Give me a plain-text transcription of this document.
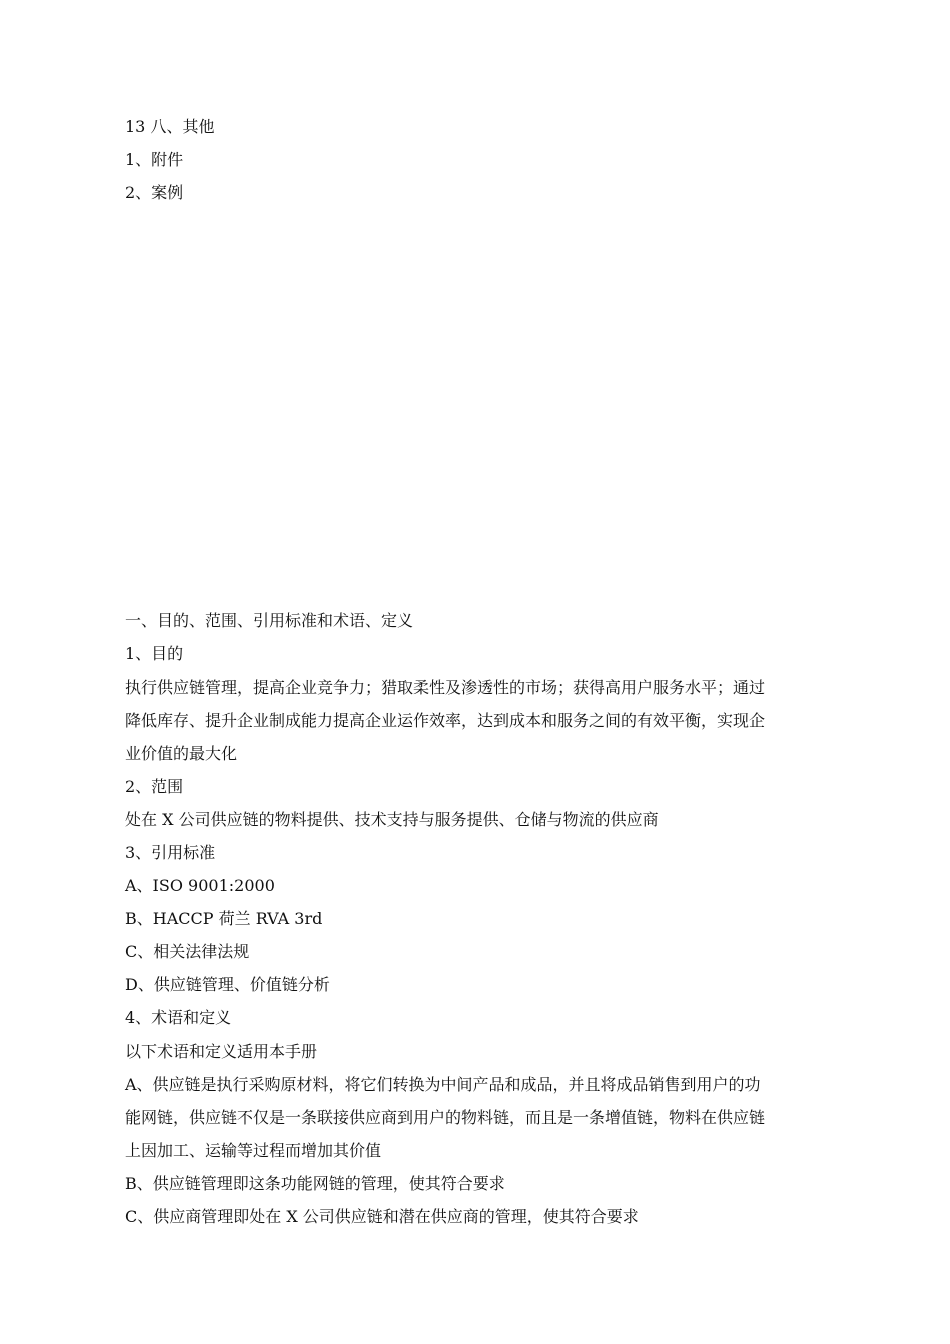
13 八、其他
1、附件
2、案例
一、目的、范围、引用标准和术语、定义
1、目的
执行供应链管理，提高企业竞争力；猎取柔性及渗透性的市场；获得高用户服务水平；通过
降低库存、提升企业制成能力提高企业运作效率，达到成本和服务之间的有效平衡，实现企
业价值的最大化
2、范围
处在 X 公司供应链的物料提供、技术支持与服务提供、仓储与物流的供应商
3、引用标准
A、ISO 9001:2000
B、HACCP 荷兰 RVA 3rd
C、相关法律法规
D、供应链管理、价值链分析
4、术语和定义
以下术语和定义适用本手册
A、供应链是执行采购原材料，将它们转换为中间产品和成品，并且将成品销售到用户的功
能网链，供应链不仅是一条联接供应商到用户的物料链，而且是一条增值链，物料在供应链
上因加工、运输等过程而增加其价值
B、供应链管理即这条功能网链的管理，使其符合要求
C、供应商管理即处在 X 公司供应链和潜在供应商的管理，使其符合要求
